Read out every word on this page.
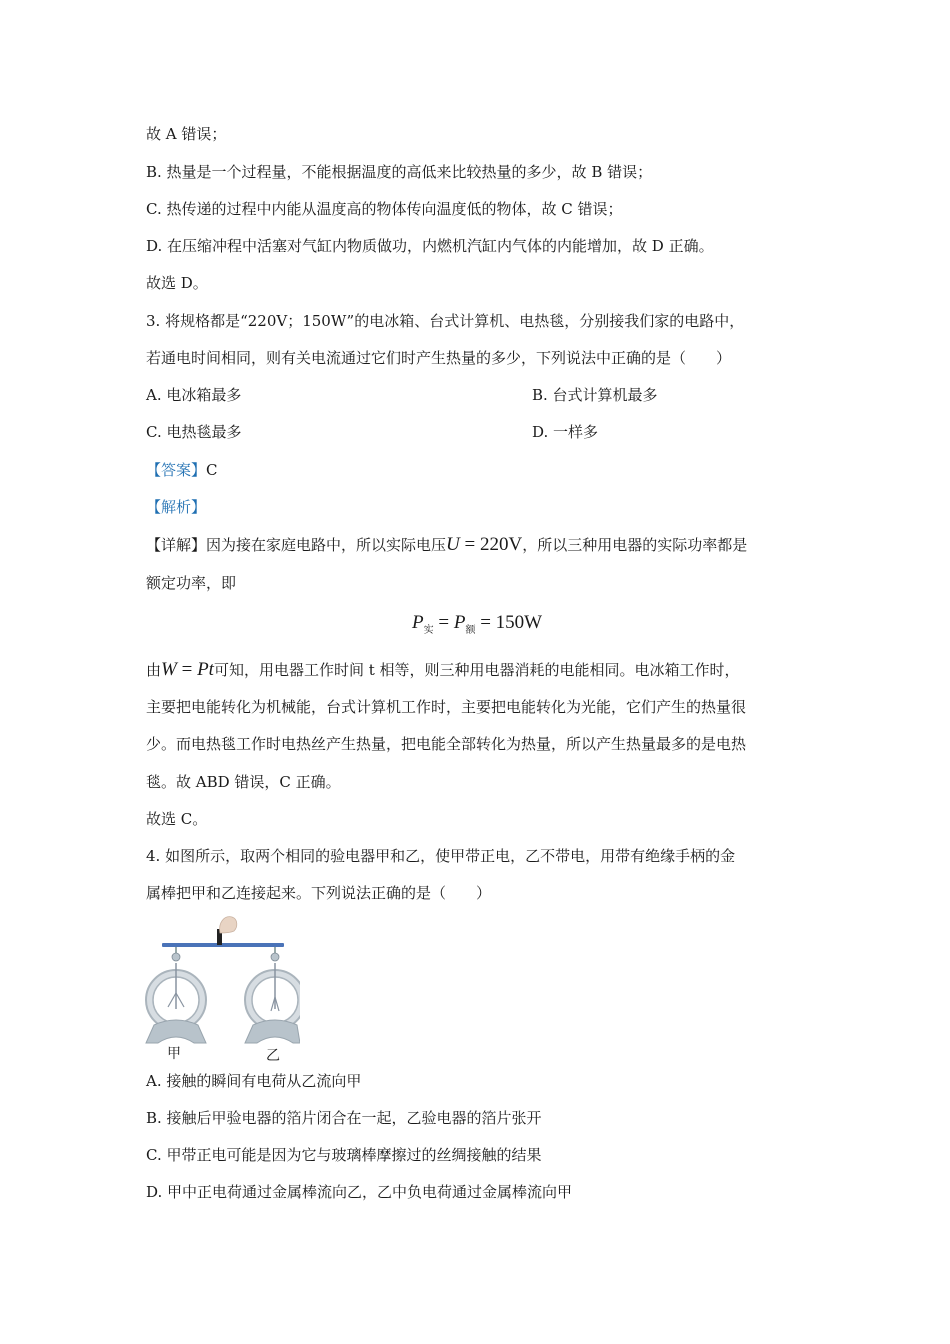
故 A 错误；
B. 热量是一个过程量，不能根据温度的高低来比较热量的多少，故 B 错误；
C. 热传递的过程中内能从温度高的物体传向温度低的物体，故 C 错误；
D. 在压缩冲程中活塞对气缸内物质做功，内燃机汽缸内气体的内能增加，故 D 正确。
故选 D。
3. 将规格都是“220V；150W”的电冰箱、台式计算机、电热毯，分别接我们家的电路中，
若通电时间相同，则有关电流通过它们时产生热量的多少，下列说法中正确的是（　　）
A. 电冰箱最多	B. 台式计算机最多
C. 电热毯最多	D. 一样多
【答案】C
【解析】
【详解】因为接在家庭电路中，所以实际电压U = 220V，所以三种用电器的实际功率都是
额定功率，即
$P_实 = P_额 = 150W$
由W = Pt可知，用电器工作时间 t 相等，则三种用电器消耗的电能相同。电冰箱工作时，
主要把电能转化为机械能，台式计算机工作时，主要把电能转化为光能，它们产生的热量很
少。而电热毯工作时电热丝产生热量，把电能全部转化为热量，所以产生热量最多的是电热
毯。故 ABD 错误，C 正确。
故选 C。
4. 如图所示，取两个相同的验电器甲和乙，使甲带正电，乙不带电，用带有绝缘手柄的金
属棒把甲和乙连接起来。下列说法正确的是（　　）
甲	乙
A. 接触的瞬间有电荷从乙流向甲
B. 接触后甲验电器的箔片闭合在一起，乙验电器的箔片张开
C. 甲带正电可能是因为它与玻璃棒摩擦过的丝绸接触的结果
D. 甲中正电荷通过金属棒流向乙，乙中负电荷通过金属棒流向甲
